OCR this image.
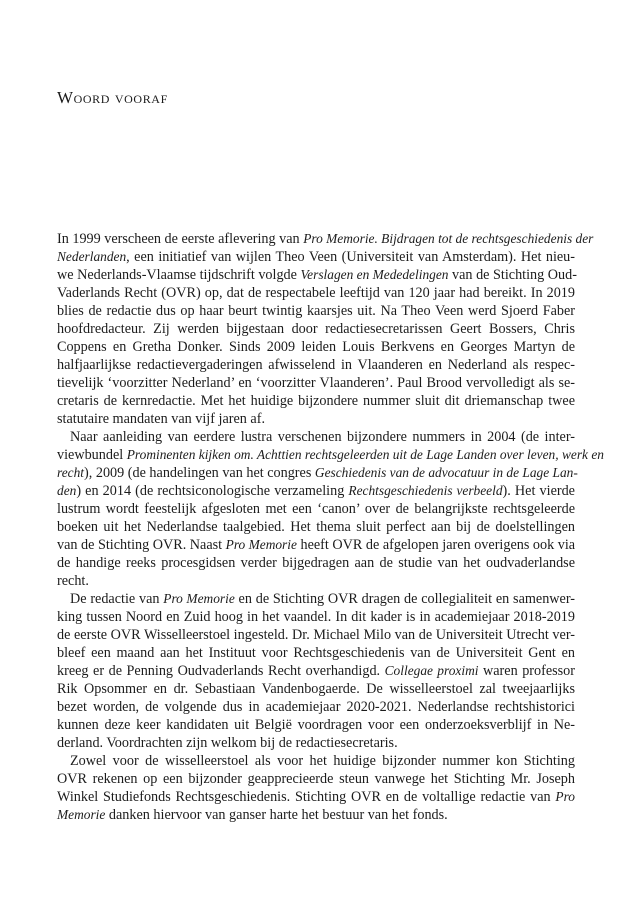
Woord vooraf
In 1999 verscheen de eerste aflevering van Pro Memorie. Bijdragen tot de rechtsgeschiedenis der
Nederlanden, een initiatief van wijlen Theo Veen (Universiteit van Amsterdam). Het nieu-
we Nederlands-Vlaamse tijdschrift volgde Verslagen en Mededelingen van de Stichting Oud-
Vaderlands Recht (OVR) op, dat de respectabele leeftijd van 120 jaar had bereikt. In 2019
blies de redactie dus op haar beurt twintig kaarsjes uit. Na Theo Veen werd Sjoerd Faber
hoofdredacteur. Zij werden bijgestaan door redactiesecretarissen Geert Bossers, Chris
Coppens en Gretha Donker. Sinds 2009 leiden Louis Berkvens en Georges Martyn de
halfjaarlijkse redactievergaderingen afwisselend in Vlaanderen en Nederland als respec-
tievelijk ‘voorzitter Nederland’ en ‘voorzitter Vlaanderen’. Paul Brood vervolledigt als se-
cretaris de kernredactie. Met het huidige bijzondere nummer sluit dit driemanschap twee
statutaire mandaten van vijf jaren af.
Naar aanleiding van eerdere lustra verschenen bijzondere nummers in 2004 (de inter-
viewbundel Prominenten kijken om. Achttien rechtsgeleerden uit de Lage Landen over leven, werk en
recht), 2009 (de handelingen van het congres Geschiedenis van de advocatuur in de Lage Lan-
den) en 2014 (de rechtsiconologische verzameling Rechtsgeschiedenis verbeeld). Het vierde
lustrum wordt feestelijk afgesloten met een ‘canon’ over de belangrijkste rechtsgeleerde
boeken uit het Nederlandse taalgebied. Het thema sluit perfect aan bij de doelstellingen
van de Stichting OVR. Naast Pro Memorie heeft OVR de afgelopen jaren overigens ook via
de handige reeks procesgidsen verder bijgedragen aan de studie van het oudvaderlandse
recht.
De redactie van Pro Memorie en de Stichting OVR dragen de collegialiteit en samenwer-
king tussen Noord en Zuid hoog in het vaandel. In dit kader is in academiejaar 2018-2019
de eerste OVR Wisselleerstoel ingesteld. Dr. Michael Milo van de Universiteit Utrecht ver-
bleef een maand aan het Instituut voor Rechtsgeschiedenis van de Universiteit Gent en
kreeg er de Penning Oudvaderlands Recht overhandigd. Collegae proximi waren professor
Rik Opsommer en dr. Sebastiaan Vandenbogaerde. De wisselleerstoel zal tweejaarlijks
bezet worden, de volgende dus in academiejaar 2020-2021. Nederlandse rechtshistorici
kunnen deze keer kandidaten uit België voordragen voor een onderzoeksverblijf in Ne-
derland. Voordrachten zijn welkom bij de redactiesecretaris.
Zowel voor de wisselleerstoel als voor het huidige bijzonder nummer kon Stichting
OVR rekenen op een bijzonder geapprecieerde steun vanwege het Stichting Mr. Joseph
Winkel Studiefonds Rechtsgeschiedenis. Stichting OVR en de voltallige redactie van Pro
Memorie danken hiervoor van ganser harte het bestuur van het fonds.
